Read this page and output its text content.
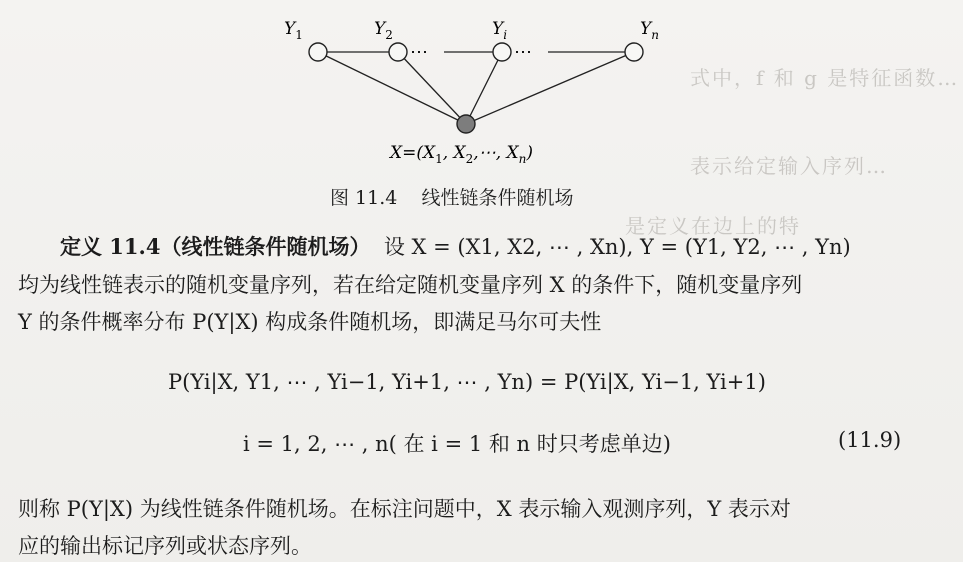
式中，f 和 g 是特征函数…
表示给定输入序列…
是定义在边上的特
⋯	⋯
$Y_1$	$Y_2$	$Y_i$	$Y_n$
$X=(X_1$, $X_2,\cdots$, $X_n$)
图 11.4 线性链条件随机场
定义 11.4（线性链条件随机场） 设 X = (X1, X2, ⋯ , Xn), Y = (Y1, Y2, ⋯ , Yn)
均为线性链表示的随机变量序列，若在给定随机变量序列 X 的条件下，随机变量序列
Y 的条件概率分布 P(Y|X) 构成条件随机场，即满足马尔可夫性
P(Yi|X, Y1, ⋯ , Yi−1, Yi+1, ⋯ , Yn) = P(Yi|X, Yi−1, Yi+1)
i = 1, 2, ⋯ , n( 在 i = 1 和 n 时只考虑单边)	(11.9)
则称 P(Y|X) 为线性链条件随机场。在标注问题中，X 表示输入观测序列，Y 表示对
应的输出标记序列或状态序列。
